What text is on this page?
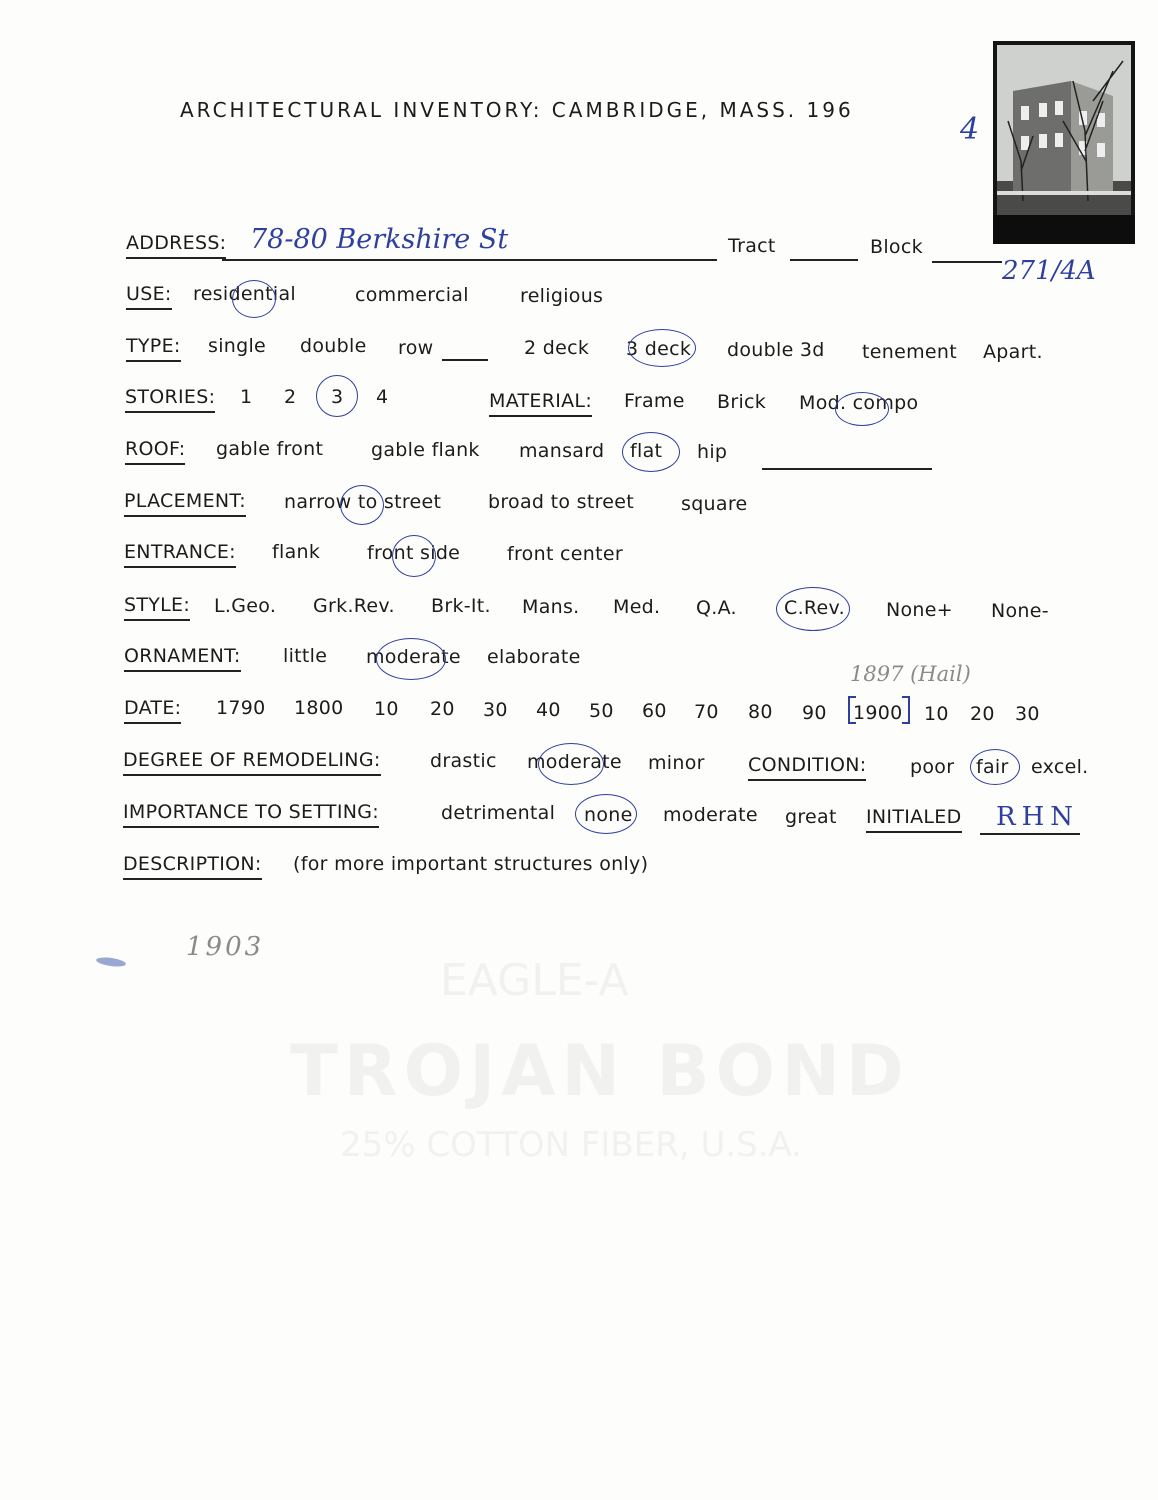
EAGLE-A
TROJAN BOND
25% COTTON FIBER, U.S.A.
ARCHITECTURAL INVENTORY: CAMBRIDGE, MASS. 196
4
ADDRESS: 78-80 Berkshire St	Tract	Block
271/4A
USE: residential	commercial	religious
TYPE: single double row	2 deck 3 deck double 3d tenement Apart.
STORIES: 1 2 3 4	MATERIAL: Frame Brick Mod. compo
ROOF: gable front	gable flank mansard flat hip
PLACEMENT: narrow to street broad to street square
ENTRANCE: flank front side front center
STYLE: L.Geo. Grk.Rev. Brk-It. Mans. Med. Q.A. C.Rev. None+ None-
ORNAMENT: little moderate elaborate
1897 (Hail)
DATE: 1790 1800 10 20 30 40 50 60 70 80 90 1900 10 20 30
DEGREE OF REMODELING:	drastic moderate minor CONDITION: poor fair excel.
IMPORTANCE TO SETTING:	detrimental none moderate great INITIALED RHN
DESCRIPTION: (for more important structures only)
1903
